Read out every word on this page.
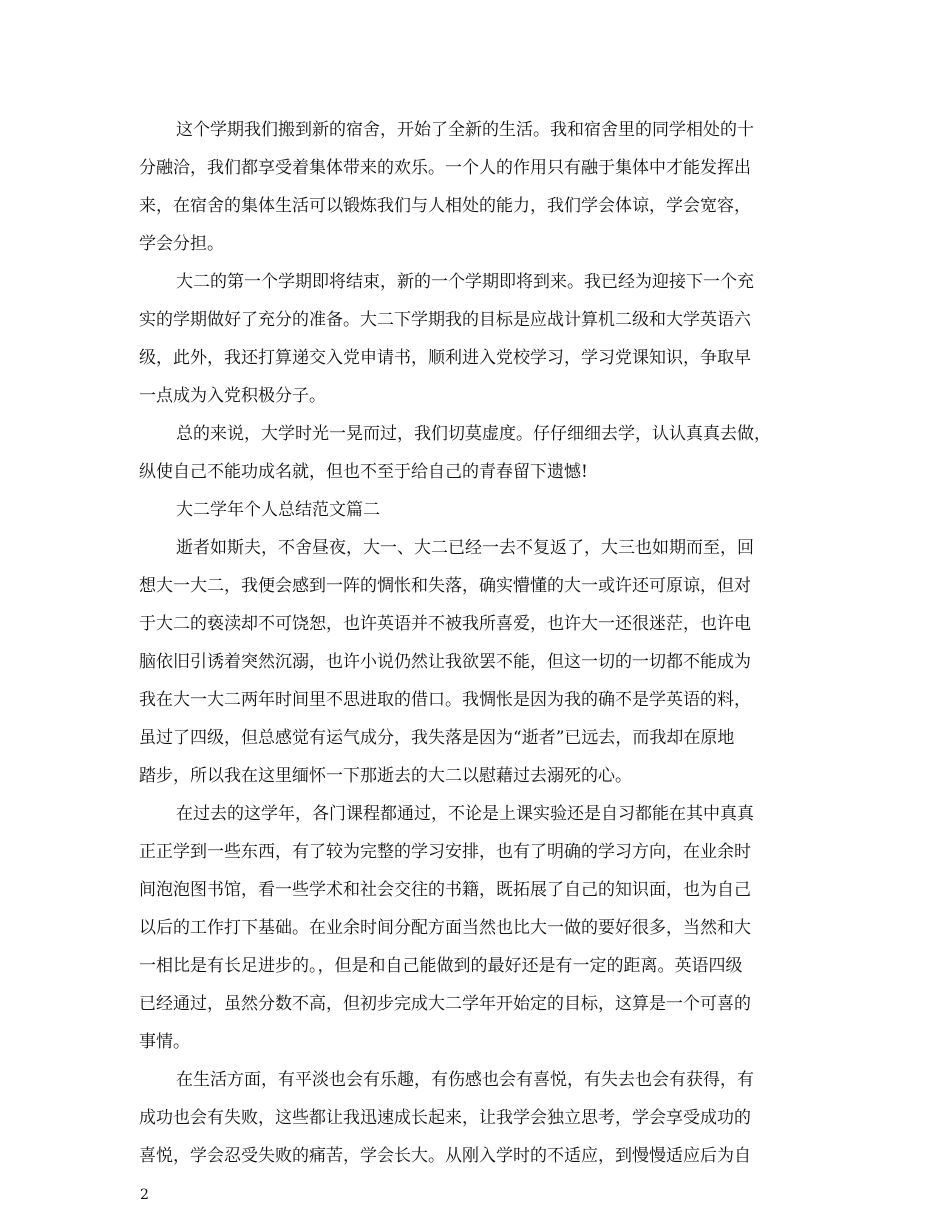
这个学期我们搬到新的宿舍，开始了全新的生活。我和宿舍里的同学相处的十
分融洽，我们都享受着集体带来的欢乐。一个人的作用只有融于集体中才能发挥出
来，在宿舍的集体生活可以锻炼我们与人相处的能力，我们学会体谅，学会宽容，
学会分担。
大二的第一个学期即将结束，新的一个学期即将到来。我已经为迎接下一个充
实的学期做好了充分的准备。大二下学期我的目标是应战计算机二级和大学英语六
级，此外，我还打算递交入党申请书，顺利进入党校学习，学习党课知识，争取早
一点成为入党积极分子。
总的来说，大学时光一晃而过，我们切莫虚度。仔仔细细去学，认认真真去做，
纵使自己不能功成名就，但也不至于给自己的青春留下遗憾!
大二学年个人总结范文篇二
逝者如斯夫，不舍昼夜，大一、大二已经一去不复返了，大三也如期而至，回
想大一大二，我便会感到一阵的惆怅和失落，确实懵懂的大一或许还可原谅，但对
于大二的亵渎却不可饶恕，也许英语并不被我所喜爱，也许大一还很迷茫，也许电
脑依旧引诱着突然沉溺，也许小说仍然让我欲罢不能，但这一切的一切都不能成为
我在大一大二两年时间里不思进取的借口。我惆怅是因为我的确不是学英语的料，
虽过了四级，但总感觉有运气成分，我失落是因为“逝者”已远去，而我却在原地
踏步，所以我在这里缅怀一下那逝去的大二以慰藉过去溺死的心。
在过去的这学年，各门课程都通过，不论是上课实验还是自习都能在其中真真
正正学到一些东西，有了较为完整的学习安排，也有了明确的学习方向，在业余时
间泡泡图书馆，看一些学术和社会交往的书籍，既拓展了自己的知识面，也为自己
以后的工作打下基础。在业余时间分配方面当然也比大一做的要好很多，当然和大
一相比是有长足进步的。，但是和自己能做到的最好还是有一定的距离。英语四级
已经通过，虽然分数不高，但初步完成大二学年开始定的目标，这算是一个可喜的
事情。
在生活方面，有平淡也会有乐趣，有伤感也会有喜悦，有失去也会有获得，有
成功也会有失败，这些都让我迅速成长起来，让我学会独立思考，学会享受成功的
喜悦，学会忍受失败的痛苦，学会长大。从刚入学时的不适应，到慢慢适应后为自
2
